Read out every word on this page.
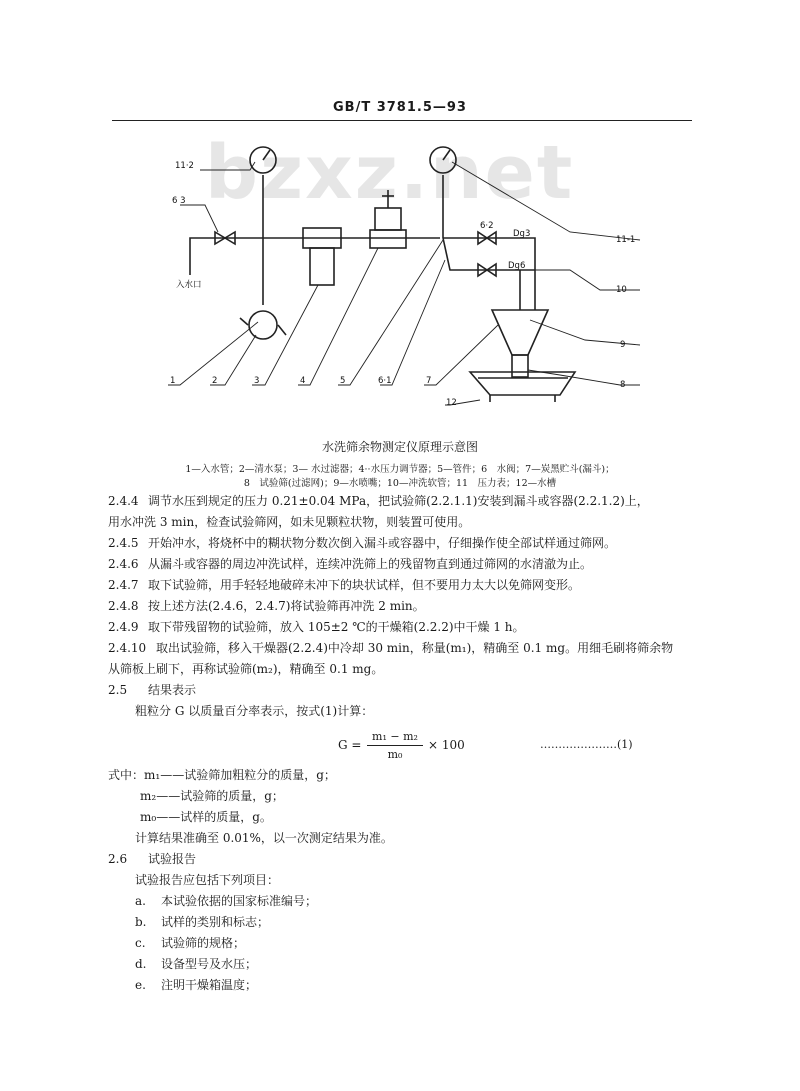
GB/T 3781.5—93
bzxz.net
11·2
6 3
入水口
6·2
Dg3
Dg6
11-1
10
9
8
12
1	2	3	4	5	6·1	7
水洗筛余物测定仪原理示意图
1—入水管；2—清水泵；3— 水过滤器；4··水压力调节器；5—管件；6　水阀；7—炭黑贮斗(漏斗)；
8　试验筛(过滤网)；9—水喷嘴；10—冲洗软管；11　压力表；12—水槽
2.4.4 调节水压到规定的压力 0.21±0.04 MPa，把试验筛(2.2.1.1)安装到漏斗或容器(2.2.1.2)上，
用水冲洗 3 min，检查试验筛网，如未见颗粒状物，则装置可使用。
2.4.5 开始冲水，将烧杯中的糊状物分数次倒入漏斗或容器中，仔细操作使全部试样通过筛网。
2.4.6 从漏斗或容器的周边冲洗试样，连续冲洗筛上的残留物直到通过筛网的水清澈为止。
2.4.7 取下试验筛，用手轻轻地破碎未冲下的块状试样，但不要用力太大以免筛网变形。
2.4.8 按上述方法(2.4.6，2.4.7)将试验筛再冲洗 2 min。
2.4.9 取下带残留物的试验筛，放入 105±2 ℃的干燥箱(2.2.2)中干燥 1 h。
2.4.10 取出试验筛，移入干燥器(2.2.4)中冷却 30 min，称量(m₁)，精确至 0.1 mg。用细毛刷将筛余物
从筛板上刷下，再称试验筛(m₂)，精确至 0.1 mg。
2.5 结果表示
粗粒分 G 以质量百分率表示，按式(1)计算：
G =
m₁ − m₂
m₀
× 100	…………………(1)
式中：m₁——试验筛加粗粒分的质量，g；
m₂——试验筛的质量，g；
m₀——试样的质量，g。
计算结果准确至 0.01%，以一次测定结果为准。
2.6 试验报告
试验报告应包括下列项目：
a. 本试验依据的国家标准编号；
b. 试样的类别和标志；
c. 试验筛的规格；
d. 设备型号及水压；
e. 注明干燥箱温度；
